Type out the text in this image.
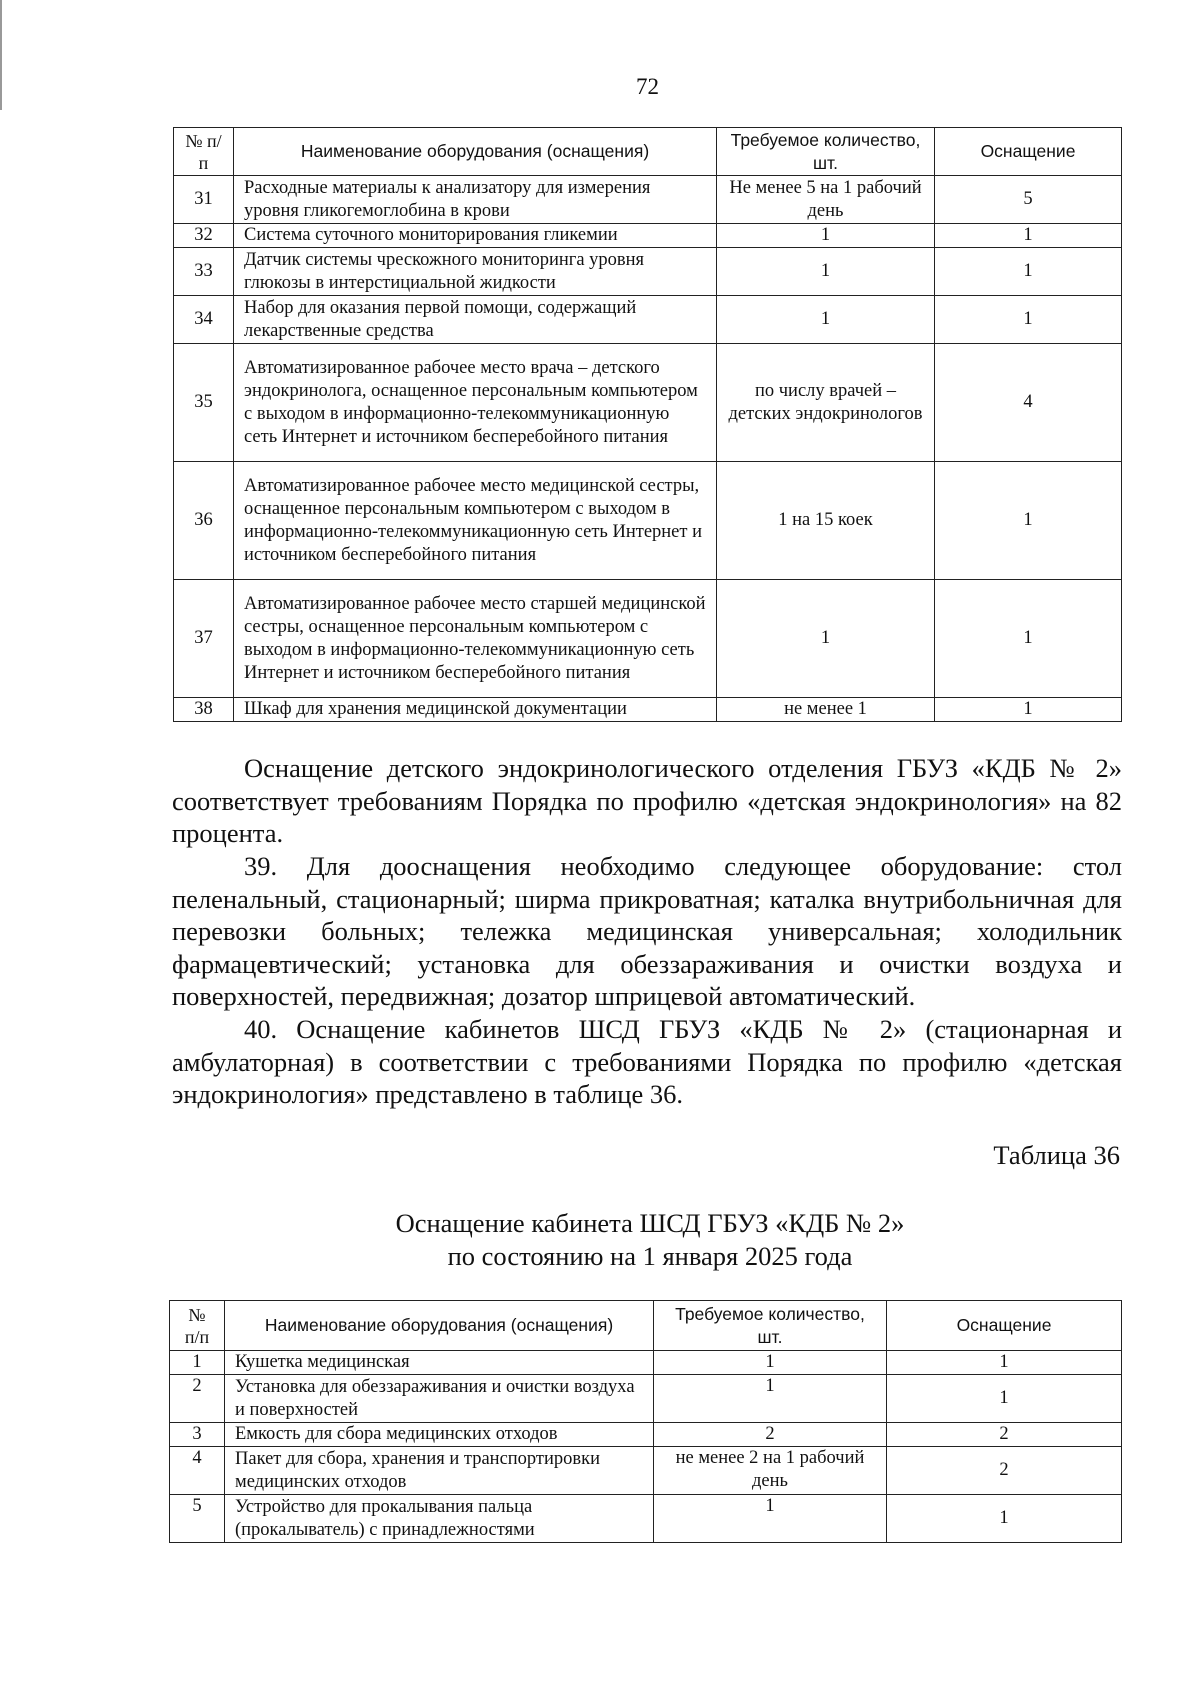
72
№ п/п	Наименование оборудования (оснащения)	Требуемое количество, шт.	Оснащение
31	Расходные материалы к анализатору для измерения уровня гликогемоглобина в крови	Не менее 5 на 1 рабочий день	5
32	Система суточного мониторирования гликемии	1	1
33	Датчик системы чрескожного мониторинга уровня глюкозы в интерстициальной жидкости	1	1
34	Набор для оказания первой помощи, содержащий лекарственные средства	1	1
35	Автоматизированное рабочее место врача – детского эндокринолога, оснащенное персональным компьютером с выходом в информационно-телекоммуникационную сеть Интернет и источником бесперебойного питания	по числу врачей – детских эндокринологов	4
36	Автоматизированное рабочее место медицинской сестры, оснащенное персональным компьютером с выходом в информационно-телекоммуникационную сеть Интернет и источником бесперебойного питания	1 на 15 коек	1
37	Автоматизированное рабочее место старшей медицинской сестры, оснащенное персональным компьютером с выходом в информационно-телекоммуникационную сеть Интернет и источником бесперебойного питания	1	1
38	Шкаф для хранения медицинской документации	не менее 1	1
Оснащение детского эндокринологического отделения ГБУЗ «КДБ № 2» соответствует требованиям Порядка по профилю «детская эндокринология» на 82 процента.
39. Для дооснащения необходимо следующее оборудование: стол пеленальный, стационарный; ширма прикроватная; каталка внутрибольничная для перевозки больных; тележка медицинская универсальная; холодильник фармацевтический; установка для обеззараживания и очистки воздуха и поверхностей, передвижная; дозатор шприцевой автоматический.
40. Оснащение кабинетов ШСД ГБУЗ «КДБ № 2» (стационарная и амбулаторная) в соответствии с требованиями Порядка по профилю «детская эндокринология» представлено в таблице 36.
Таблица 36
Оснащение кабинета ШСД ГБУЗ «КДБ № 2»
по состоянию на 1 января 2025 года
№ п/п	Наименование оборудования (оснащения)	Требуемое количество, шт.	Оснащение
1	Кушетка медицинская	1	1
2	Установка для обеззараживания и очистки воздуха и поверхностей	1	1
3	Емкость для сбора медицинских отходов	2	2
4	Пакет для сбора, хранения и транспортировки медицинских отходов	не менее 2 на 1 рабочий день	2
5	Устройство для прокалывания пальца (прокалыватель) с принадлежностями	1	1
